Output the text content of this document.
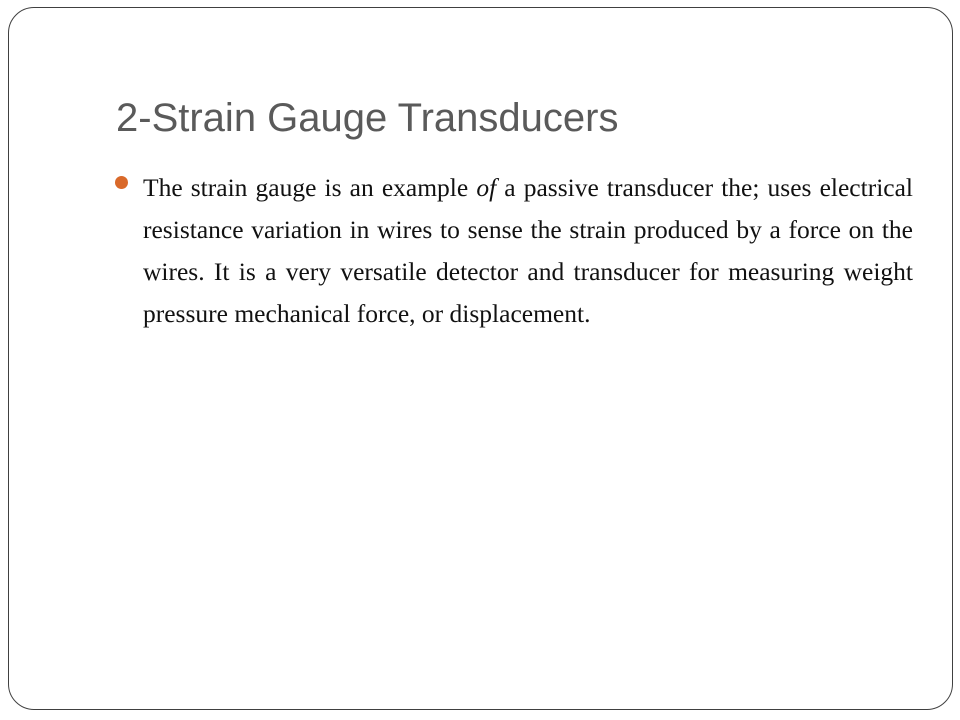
2-Strain Gauge Transducers

The strain gauge is an example of a passive transducer the; uses electrical resistance variation in wires to sense the strain produced by a force on the wires. It is a very versatile detector and transducer for measuring weight pressure mechanical force, or displacement.
